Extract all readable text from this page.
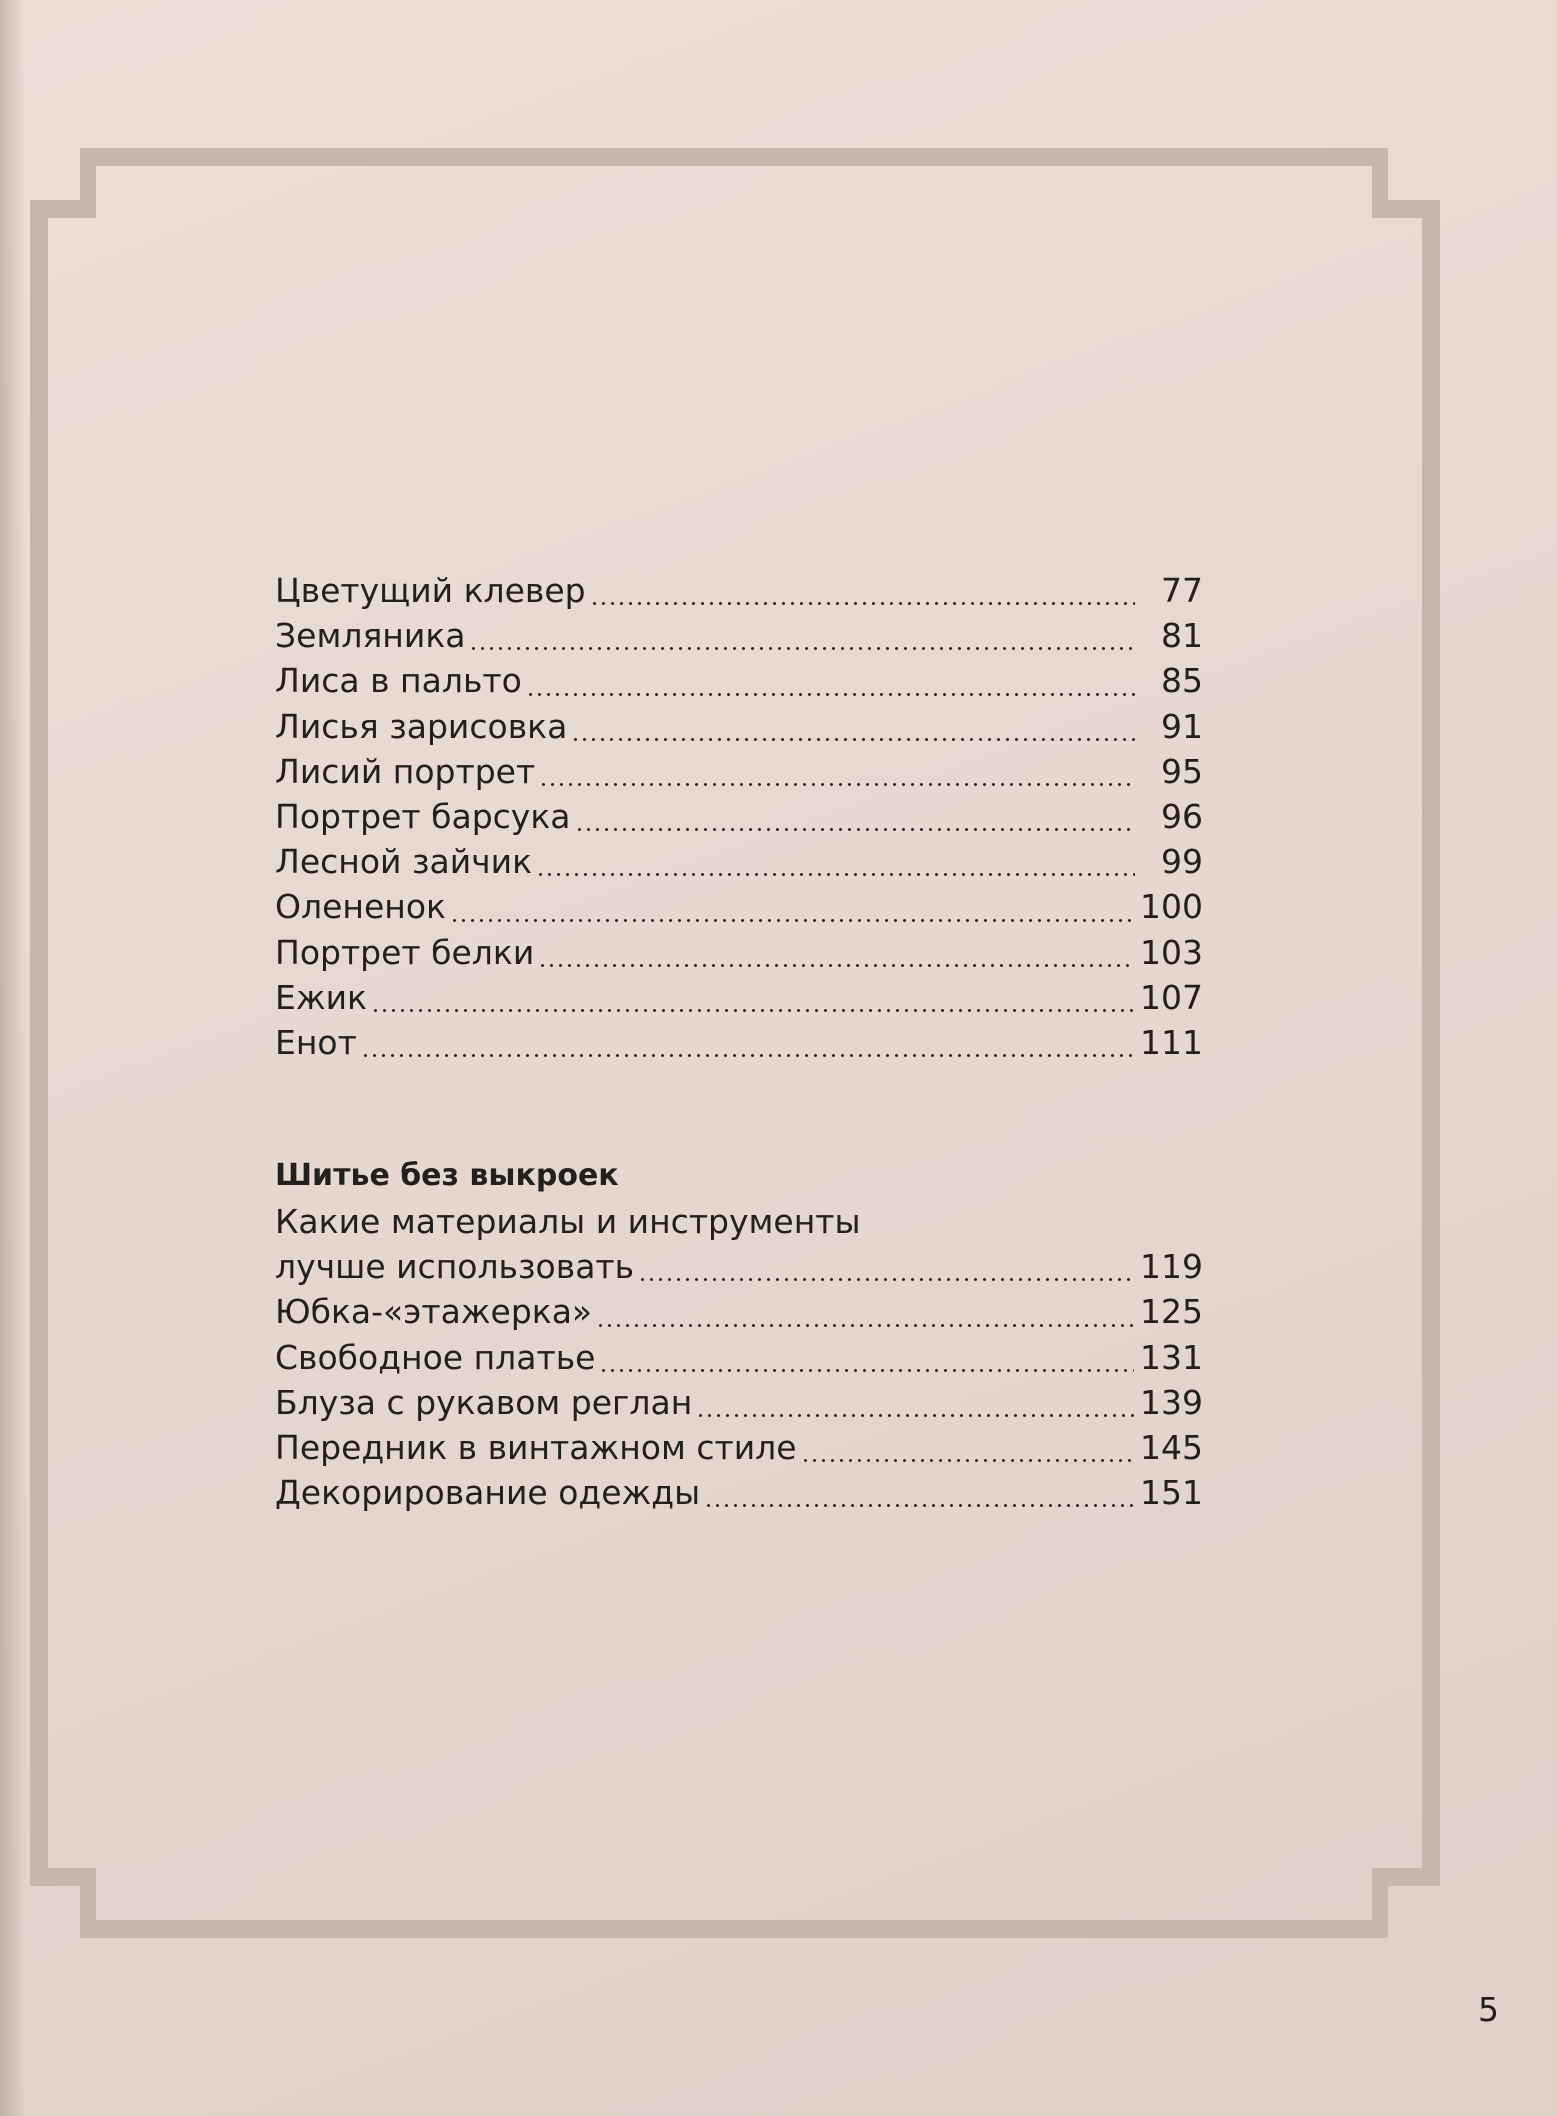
Цветущий клевер	77
Земляника	81
Лиса в пальто	85
Лисья зарисовка	91
Лисий портрет	95
Портрет барсука	96
Лесной зайчик	99
Олененок	100
Портрет белки	103
Ежик	107
Енот	111
Шитье без выкроек
Какие материалы и инструменты
лучше использовать	119
Юбка-«этажерка»	125
Свободное платье	131
Блуза с рукавом реглан	139
Передник в винтажном стиле	145
Декорирование одежды	151
5
